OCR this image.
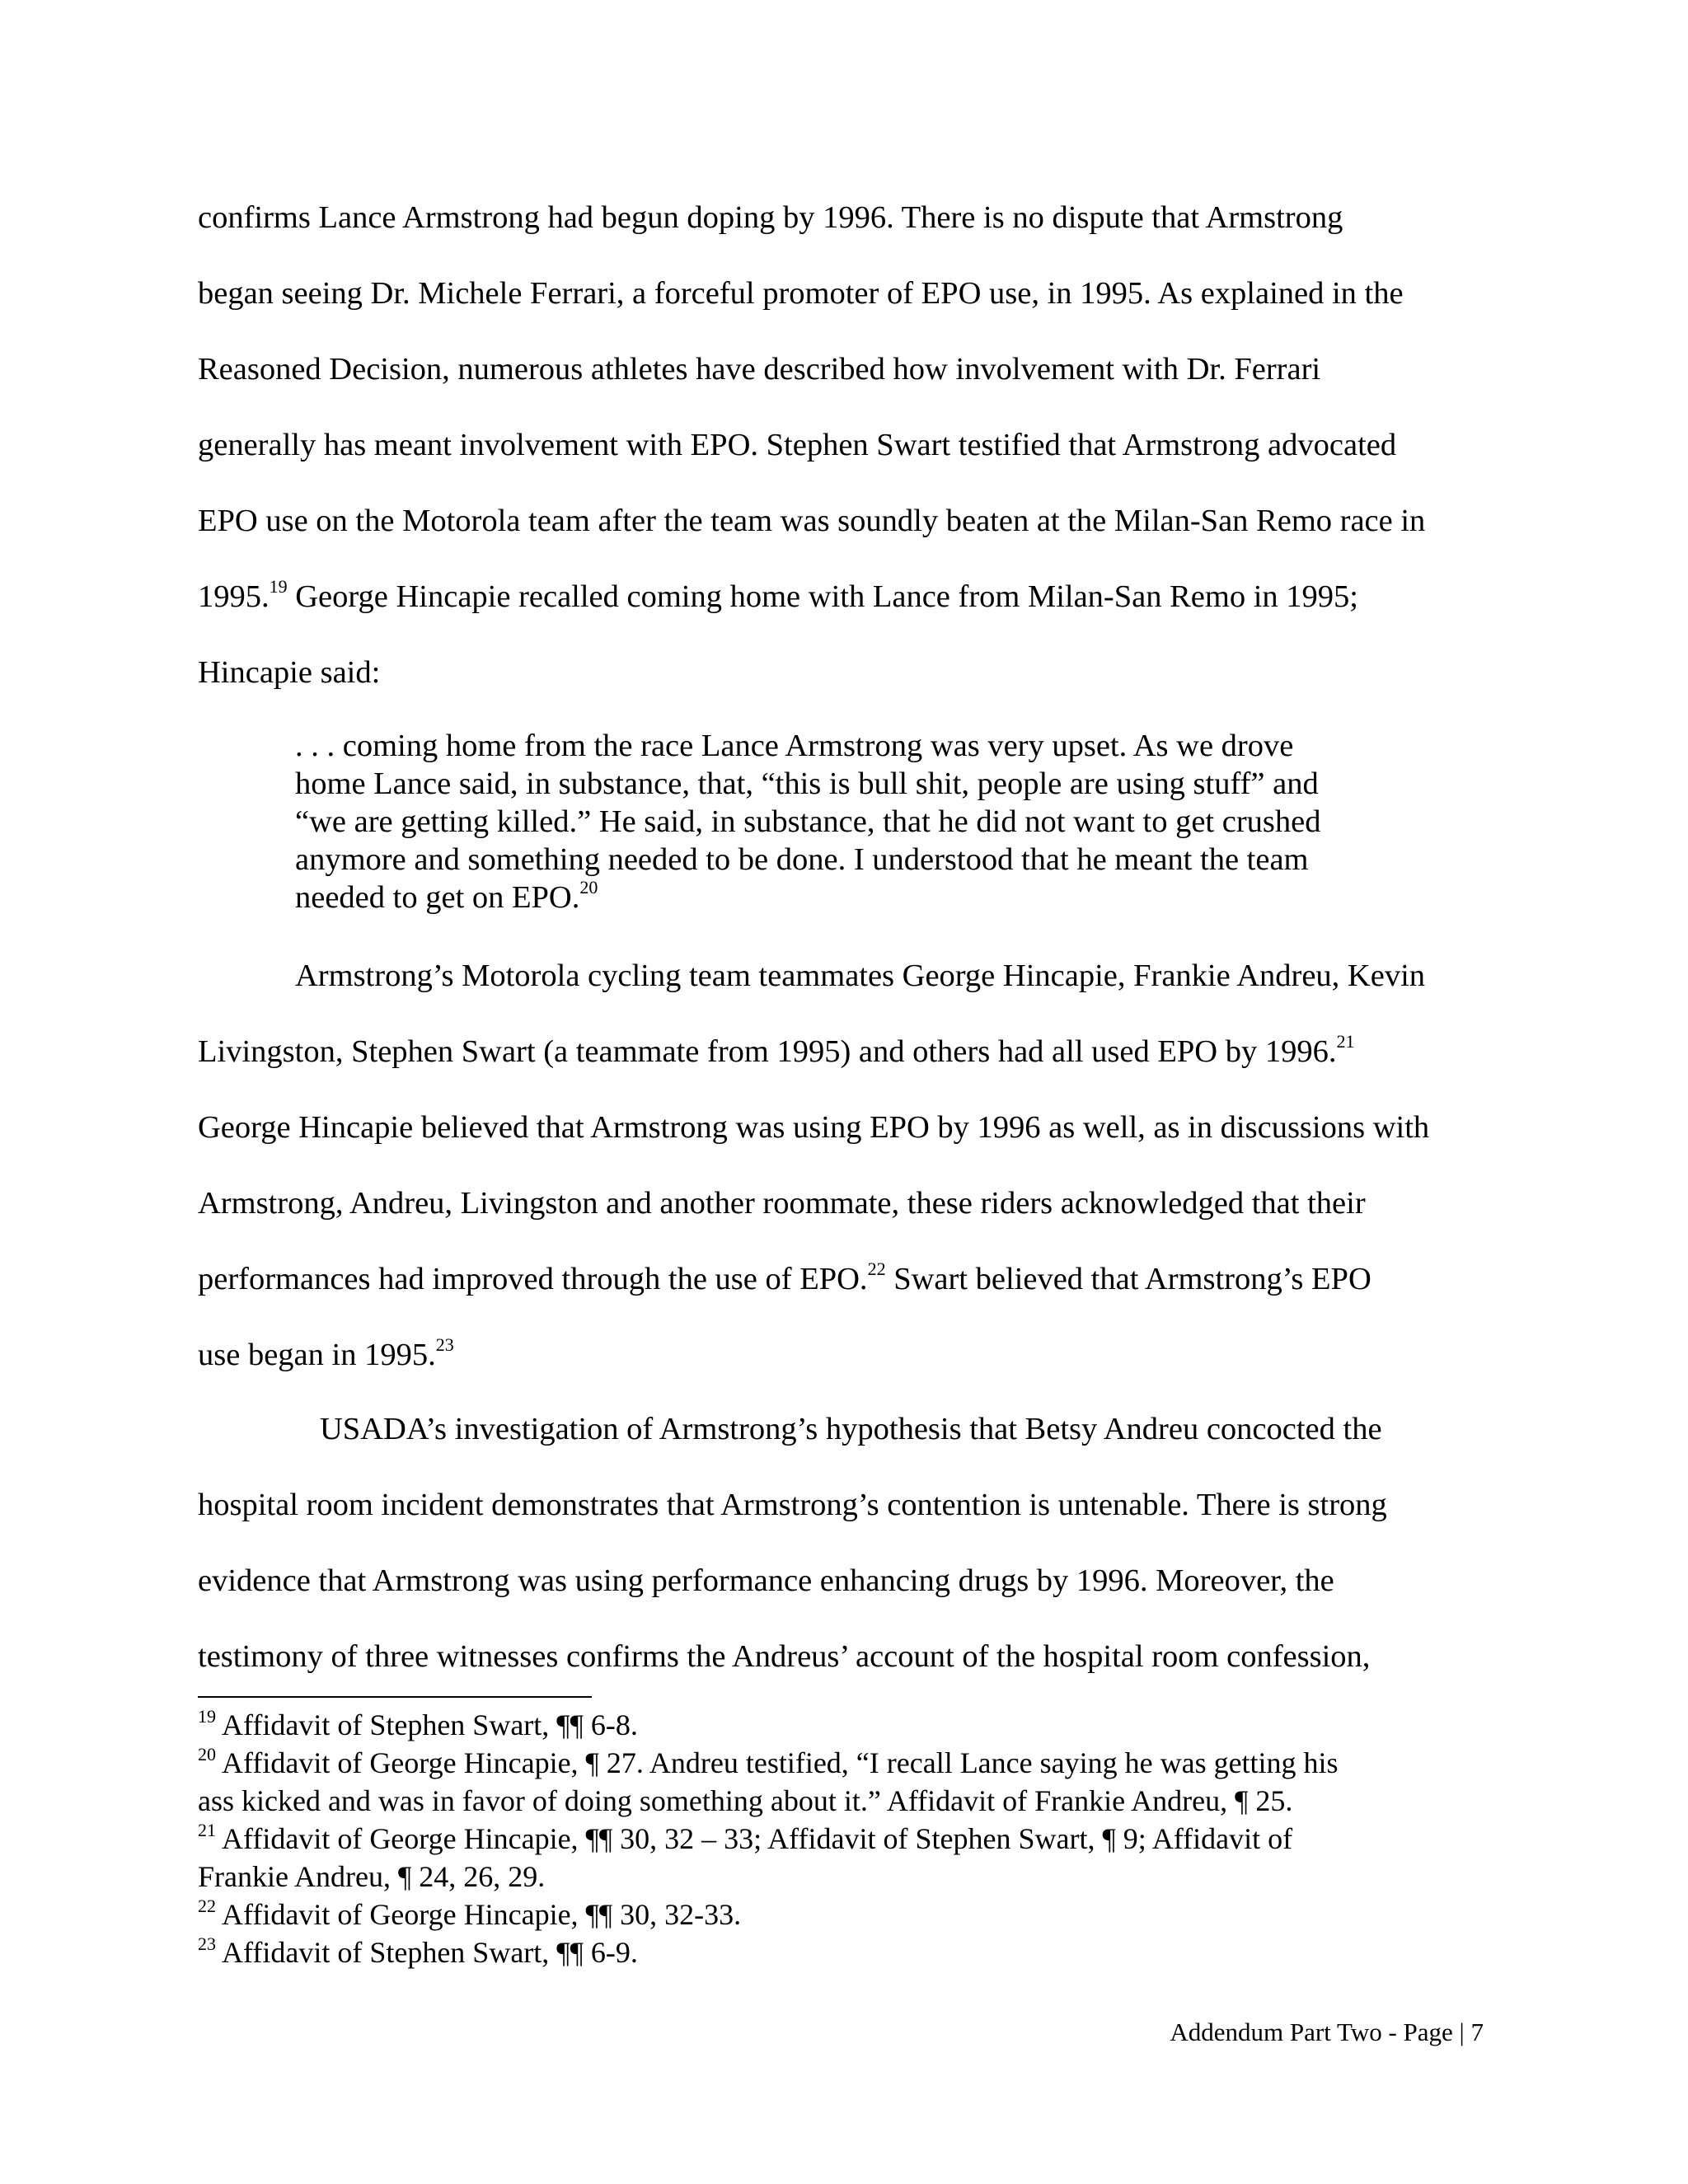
confirms Lance Armstrong had begun doping by 1996. There is no dispute that Armstrong
began seeing Dr. Michele Ferrari, a forceful promoter of EPO use, in 1995. As explained in the
Reasoned Decision, numerous athletes have described how involvement with Dr. Ferrari
generally has meant involvement with EPO. Stephen Swart testified that Armstrong advocated
EPO use on the Motorola team after the team was soundly beaten at the Milan-San Remo race in
1995.19 George Hincapie recalled coming home with Lance from Milan-San Remo in 1995;
Hincapie said:
. . . coming home from the race Lance Armstrong was very upset. As we drove
home Lance said, in substance, that, “this is bull shit, people are using stuff” and
“we are getting killed.” He said, in substance, that he did not want to get crushed
anymore and something needed to be done. I understood that he meant the team
needed to get on EPO.$^{20}$
Armstrong’s Motorola cycling team teammates George Hincapie, Frankie Andreu, Kevin
Livingston, Stephen Swart (a teammate from 1995) and others had all used EPO by 1996.21
George Hincapie believed that Armstrong was using EPO by 1996 as well, as in discussions with
Armstrong, Andreu, Livingston and another roommate, these riders acknowledged that their
performances had improved through the use of EPO.$^{22}$ Swart believed that Armstrong’s EPO
use began in 1995.23
USADA’s investigation of Armstrong’s hypothesis that Betsy Andreu concocted the
hospital room incident demonstrates that Armstrong’s contention is untenable. There is strong
evidence that Armstrong was using performance enhancing drugs by 1996. Moreover, the
testimony of three witnesses confirms the Andreus’ account of the hospital room confession,
$^{19}$ Affidavit of Stephen Swart, ¶¶ 6-8.
$^{20}$ Affidavit of George Hincapie, ¶ 27. Andreu testified, “I recall Lance saying he was getting his
ass kicked and was in favor of doing something about it.” Affidavit of Frankie Andreu, ¶ 25.
$^{21}$ Affidavit of George Hincapie, ¶¶ 30, 32 – 33; Affidavit of Stephen Swart, ¶ 9; Affidavit of
Frankie Andreu, ¶ 24, 26, 29.
$^{22}$ Affidavit of George Hincapie, ¶¶ 30, 32-33.
$^{23}$ Affidavit of Stephen Swart, ¶¶ 6-9.
Addendum Part Two - Page | 7
